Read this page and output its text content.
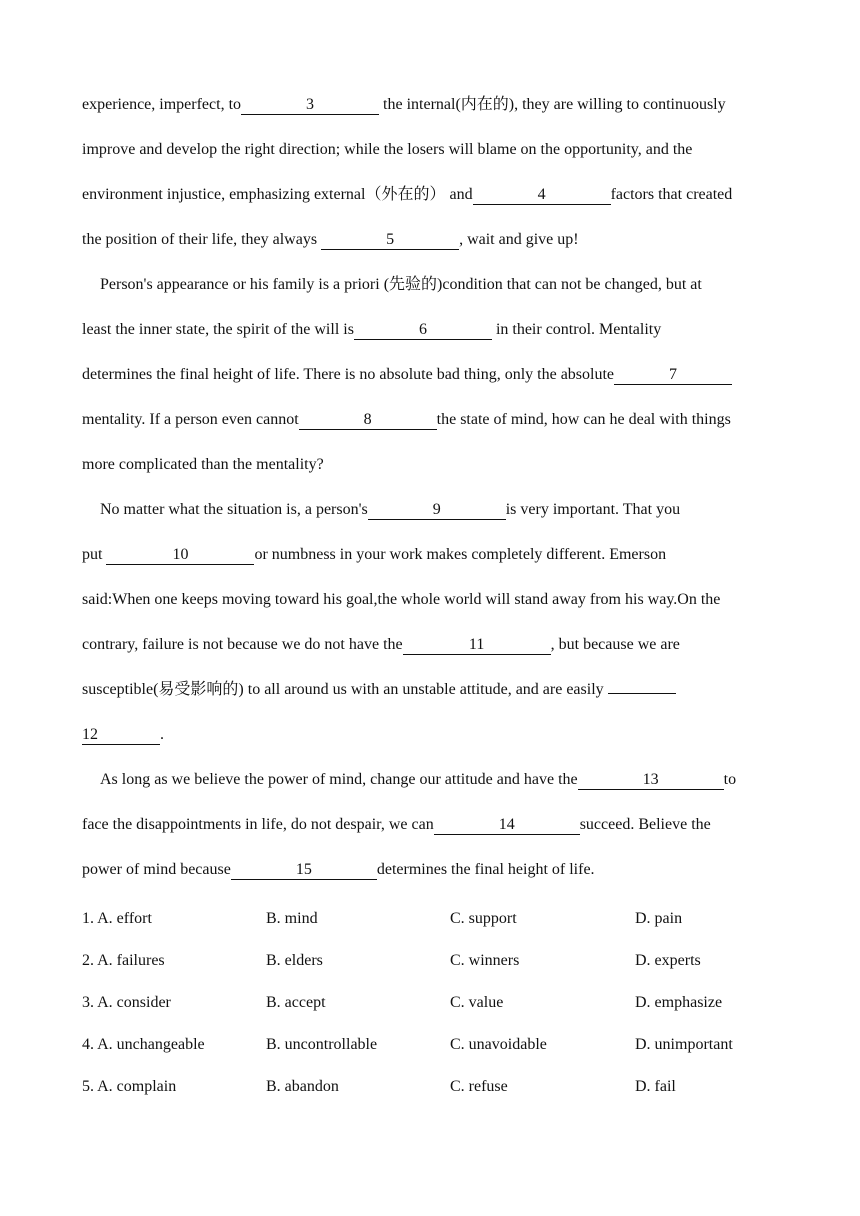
experience, imperfect, to	3	the internal(内在的), they are willing to continuously
improve and develop the right direction; while the losers will blame on the opportunity, and the
environment injustice, emphasizing external（外在的） and	4	factors that created
the position of their life, they always	5	, wait and give up!
Person's appearance or his family is a priori (先验的)condition that can not be changed, but at
least the inner state, the spirit of the will is	6	in their control. Mentality
determines the final height of life. There is no absolute bad thing, only the absolute	7
mentality. If a person even cannot	8	the state of mind, how can he deal with things
more complicated than the mentality?
No matter what the situation is, a person's	9	is very important. That you
put	10	or numbness in your work makes completely different. Emerson
said:When one keeps moving toward his goal,the whole world will stand away from his way.On the
contrary, failure is not because we do not have the	11	, but because we are
susceptible(易受影响的) to all around us with an unstable attitude, and are easily
12	.
As long as we believe the power of mind, change our attitude and have the	13	to
face the disappointments in life, do not despair, we can	14	succeed. Believe the
power of mind because	15	determines the final height of life.
1. A. effort	B. mind	C. support	D. pain
2. A. failures	B. elders	C. winners	D. experts
3. A. consider	B. accept	C. value	D. emphasize
4. A. unchangeable	B. uncontrollable	C. unavoidable	D. unimportant
5. A. complain	B. abandon	C. refuse	D. fail
